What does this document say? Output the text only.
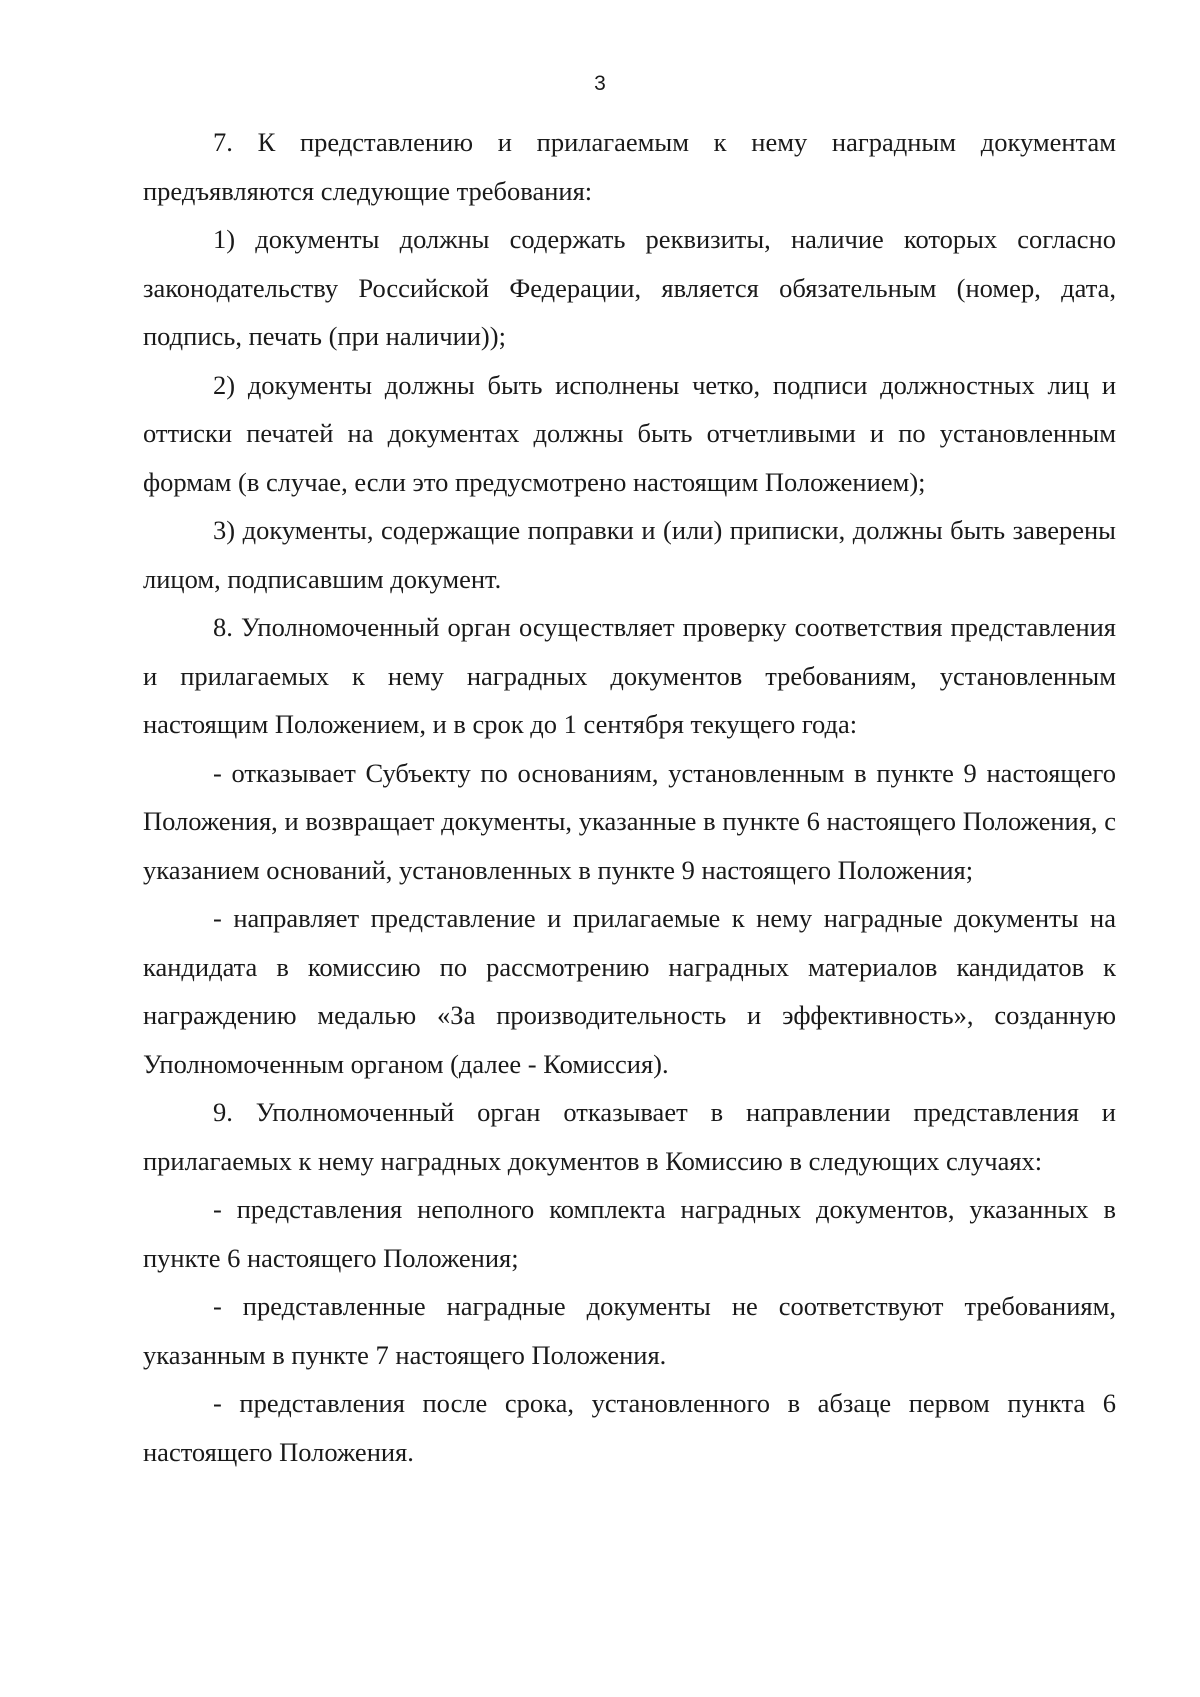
3

7. К представлению и прилагаемым к нему наградным документам предъявляются следующие требования:

1) документы должны содержать реквизиты, наличие которых согласно законодательству Российской Федерации, является обязательным (номер, дата, подпись, печать (при наличии));

2) документы должны быть исполнены четко, подписи должностных лиц и оттиски печатей на документах должны быть отчетливыми и по установленным формам (в случае, если это предусмотрено настоящим Положением);

3) документы, содержащие поправки и (или) приписки, должны быть заверены лицом, подписавшим документ.

8. Уполномоченный орган осуществляет проверку соответствия представления и прилагаемых к нему наградных документов требованиям, установленным настоящим Положением, и в срок до 1 сентября текущего года:

- отказывает Субъекту по основаниям, установленным в пункте 9 настоящего Положения, и возвращает документы, указанные в пункте 6 настоящего Положения, с указанием оснований, установленных в пункте 9 настоящего Положения;

- направляет представление и прилагаемые к нему наградные документы на кандидата в комиссию по рассмотрению наградных материалов кандидатов к награждению медалью «За производительность и эффективность», созданную Уполномоченным органом (далее - Комиссия).

9. Уполномоченный орган отказывает в направлении представления и прилагаемых к нему наградных документов в Комиссию в следующих случаях:

- представления неполного комплекта наградных документов, указанных в пункте 6 настоящего Положения;

- представленные наградные документы не соответствуют требованиям, указанным в пункте 7 настоящего Положения.

- представления после срока, установленного в абзаце первом пункта 6 настоящего Положения.
